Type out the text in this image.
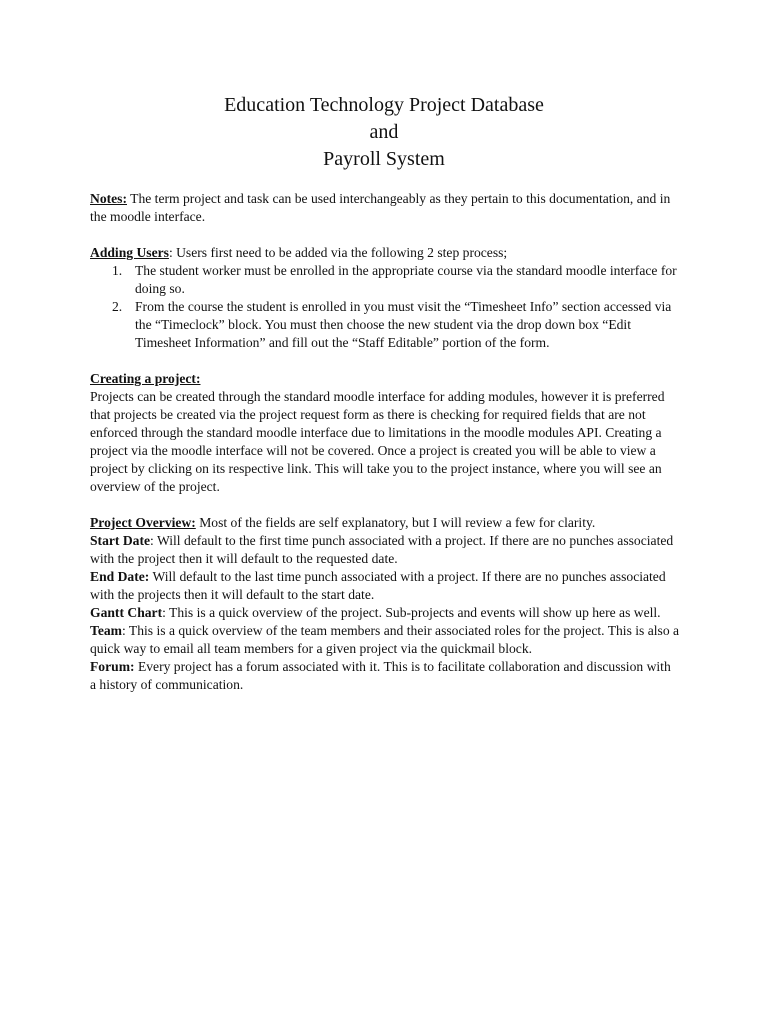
Education Technology Project Database
and
Payroll System

Notes: The term project and task can be used interchangeably as they pertain to this documentation, and in the moodle interface.

Adding Users: Users first need to be added via the following 2 step process;

1. The student worker must be enrolled in the appropriate course via the standard moodle interface for doing so.
2. From the course the student is enrolled in you must visit the “Timesheet Info” section accessed via the “Timeclock” block. You must then choose the new student via the drop down box “Edit Timesheet Information” and fill out the “Staff Editable” portion of the form.

Creating a project:

Projects can be created through the standard moodle interface for adding modules, however it is preferred that projects be created via the project request form as there is checking for required fields that are not enforced through the standard moodle interface due to limitations in the moodle modules API. Creating a project via the moodle interface will not be covered. Once a project is created you will be able to view a project by clicking on its respective link. This will take you to the project instance, where you will see an overview of the project.

Project Overview: Most of the fields are self explanatory, but I will review a few for clarity.

Start Date: Will default to the first time punch associated with a project. If there are no punches associated with the project then it will default to the requested date.

End Date: Will default to the last time punch associated with a project. If there are no punches associated with the projects then it will default to the start date.

Gantt Chart: This is a quick overview of the project. Sub-projects and events will show up here as well.

Team: This is a quick overview of the team members and their associated roles for the project. This is also a quick way to email all team members for a given project via the quickmail block.

Forum: Every project has a forum associated with it. This is to facilitate collaboration and discussion with a history of communication.
